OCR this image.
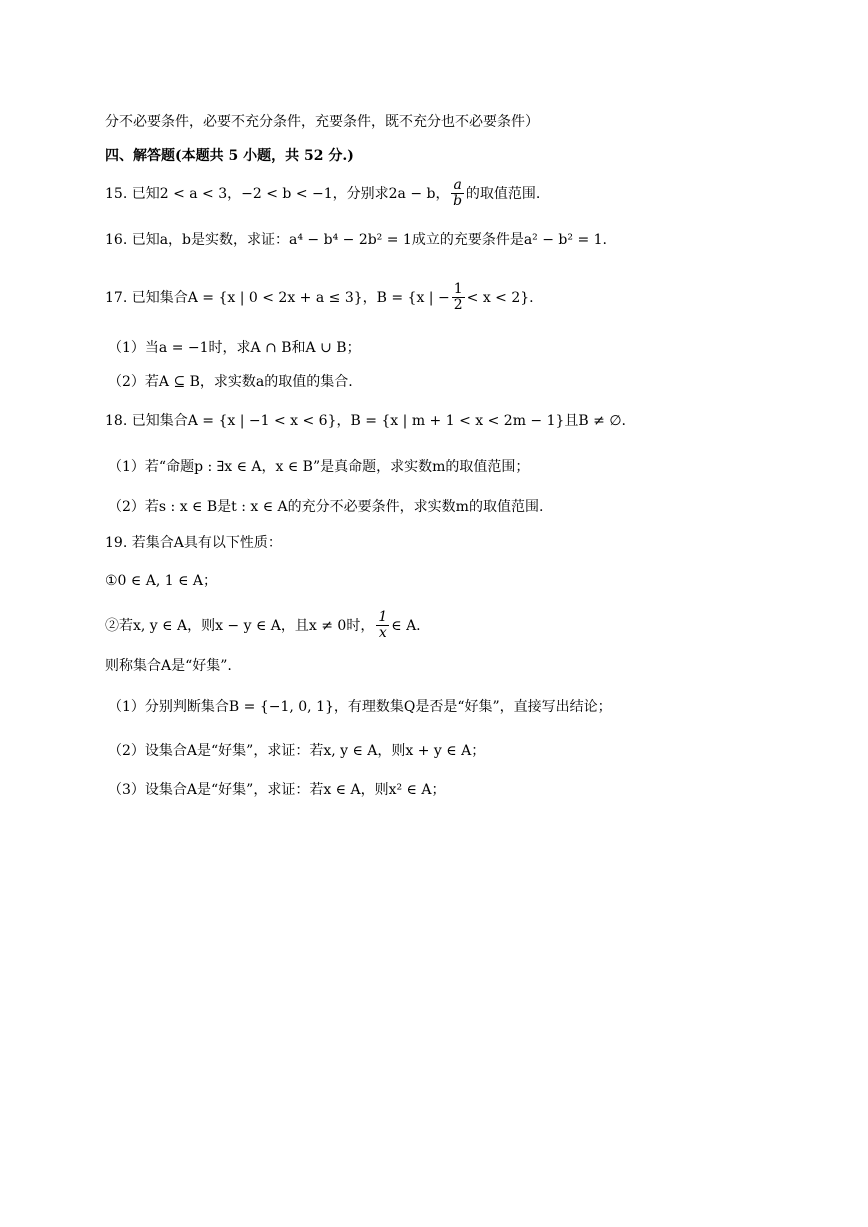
分不必要条件，必要不充分条件，充要条件，既不充分也不必要条件）
四、解答题(本题共 5 小题，共 52 分.)
15. 已知2 < a < 3，−2 < b < −1，分别求2a − b， $\frac{a}{b}$ 的取值范围.
16. 已知a，b是实数，求证：a⁴ − b⁴ − 2b² = 1成立的充要条件是a² − b² = 1.
17. 已知集合A = {x | 0 < 2x + a ≤ 3}，B = {x | − $\frac{1}{2} < x < 2$}.
（1）当a = −1时，求A ∩ B和A ∪ B；
（2）若A ⊆ B，求实数a的取值的集合.
18. 已知集合A = {x | −1 < x < 6}，B = {x | m + 1 < x < 2m − 1}且B ≠ ∅.
（1）若“命题p : ∃x ∈ A，x ∈ B”是真命题，求实数m的取值范围；
（2）若s : x ∈ B是t : x ∈ A的充分不必要条件，求实数m的取值范围.
19. 若集合A具有以下性质：
①0 ∈ A, 1 ∈ A；
②若x, y ∈ A，则x − y ∈ A，且x ≠ 0时， $\frac{1}{x}$ ∈ A.
则称集合A是“好集”.
（1）分别判断集合B = {−1, 0, 1}，有理数集Q是否是“好集”，直接写出结论；
（2）设集合A是“好集”，求证：若x, y ∈ A，则x + y ∈ A；
（3）设集合A是“好集”，求证：若x ∈ A，则x² ∈ A；
